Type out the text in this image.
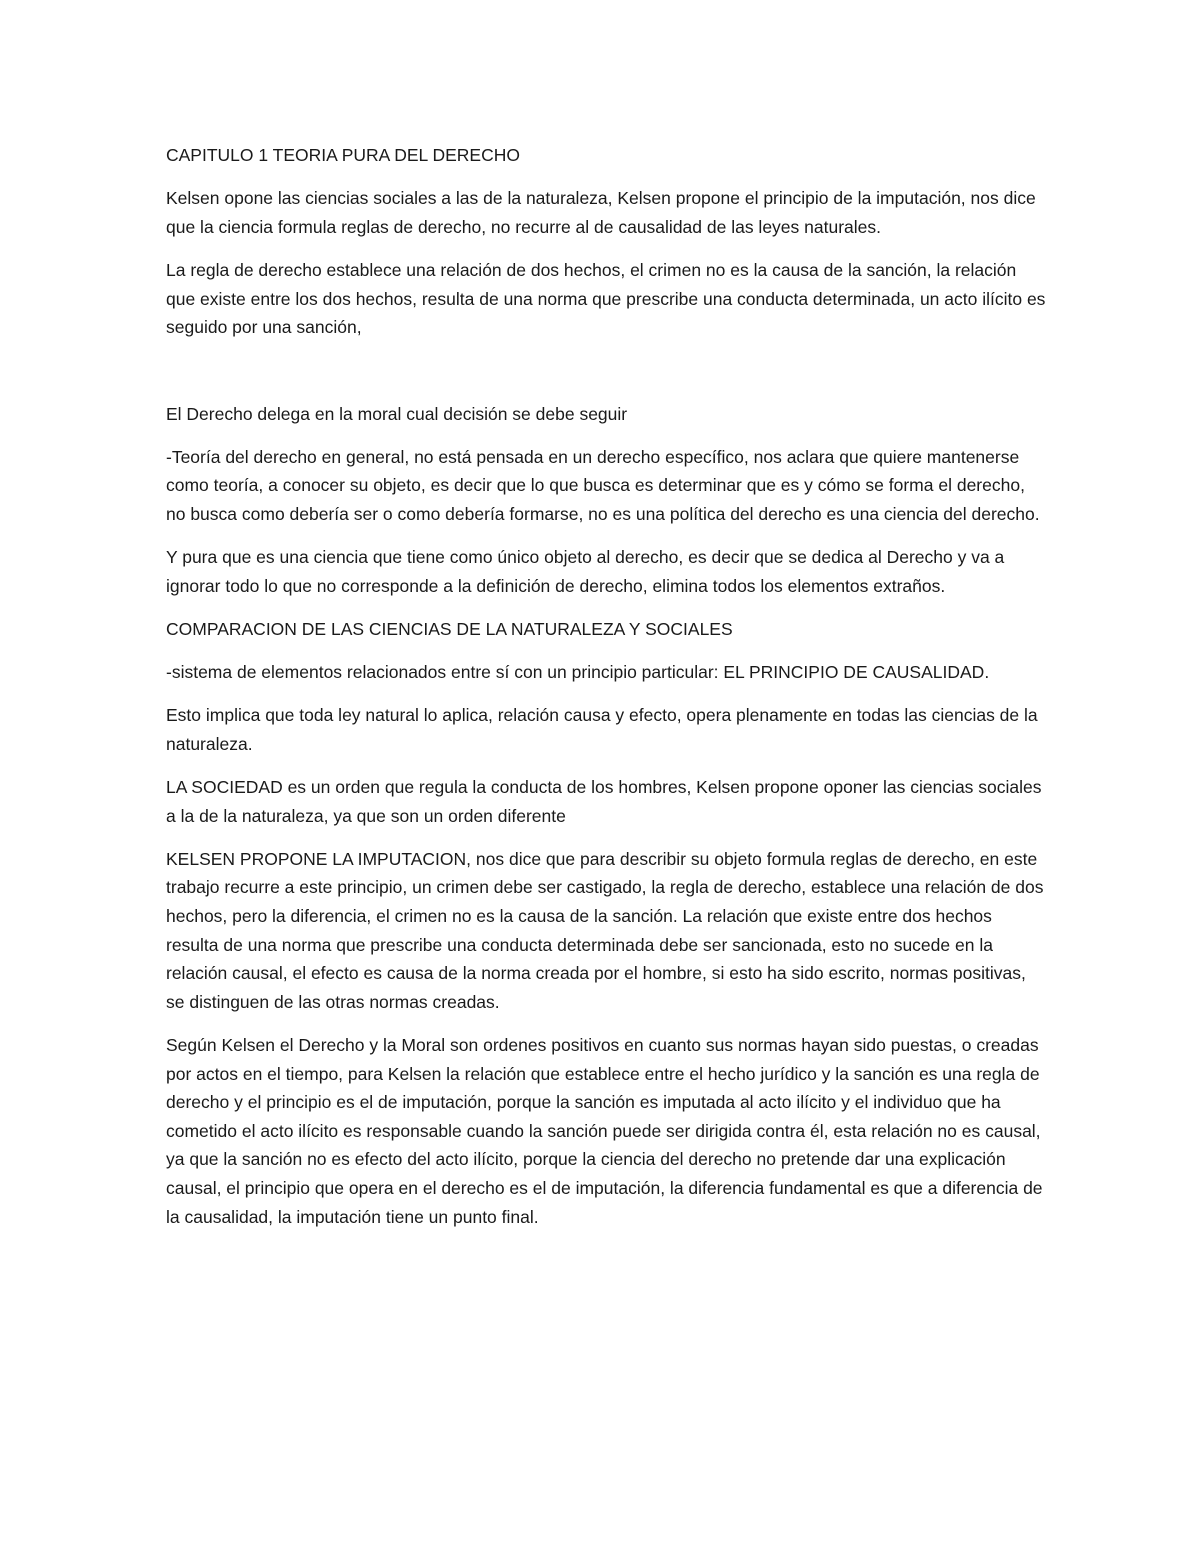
CAPITULO 1 TEORIA PURA DEL DERECHO

Kelsen opone las ciencias sociales a las de la naturaleza, Kelsen propone el principio de la imputación, nos dice que la ciencia formula reglas de derecho, no recurre al de causalidad de las leyes naturales.

La regla de derecho establece una relación de dos hechos, el crimen no es la causa de la sanción, la relación que existe entre los dos hechos, resulta de una norma que prescribe una conducta determinada, un acto ilícito es seguido por una sanción,

El Derecho delega en la moral cual decisión se debe seguir

-Teoría del derecho en general, no está pensada en un derecho específico, nos aclara que quiere mantenerse como teoría, a conocer su objeto, es decir que lo que busca es determinar que es y cómo se forma el derecho, no busca como debería ser o como debería formarse, no es una política del derecho es una ciencia del derecho.

Y pura que es una ciencia que tiene como único objeto al derecho, es decir que se dedica al Derecho y va a ignorar todo lo que no corresponde a la definición de derecho, elimina todos los elementos extraños.

COMPARACION DE LAS CIENCIAS DE LA NATURALEZA Y SOCIALES

-sistema de elementos relacionados entre sí con un principio particular: EL PRINCIPIO DE CAUSALIDAD.

Esto implica que toda ley natural lo aplica, relación causa y efecto, opera plenamente en todas las ciencias de la naturaleza.

LA SOCIEDAD es un orden que regula la conducta de los hombres, Kelsen propone oponer las ciencias sociales a la de la naturaleza, ya que son un orden diferente

KELSEN PROPONE LA IMPUTACION, nos dice que para describir su objeto formula reglas de derecho, en este trabajo recurre a este principio, un crimen debe ser castigado, la regla de derecho, establece una relación de dos hechos, pero la diferencia, el crimen no es la causa de la sanción. La relación que existe entre dos hechos resulta de una norma que prescribe una conducta determinada debe ser sancionada, esto no sucede en la relación causal, el efecto es causa de la norma creada por el hombre, si esto ha sido escrito, normas positivas, se distinguen de las otras normas creadas.

Según Kelsen el Derecho y la Moral son ordenes positivos en cuanto sus normas hayan sido puestas, o creadas por actos en el tiempo, para Kelsen la relación que establece entre el hecho jurídico y la sanción es una regla de derecho y el principio es el de imputación, porque la sanción es imputada al acto ilícito y el individuo que ha cometido el acto ilícito es responsable cuando la sanción puede ser dirigida contra él, esta relación no es causal, ya que la sanción no es efecto del acto ilícito, porque la ciencia del derecho no pretende dar una explicación causal, el principio que opera en el derecho es el de imputación, la diferencia fundamental es que a diferencia de la causalidad, la imputación tiene un punto final.
